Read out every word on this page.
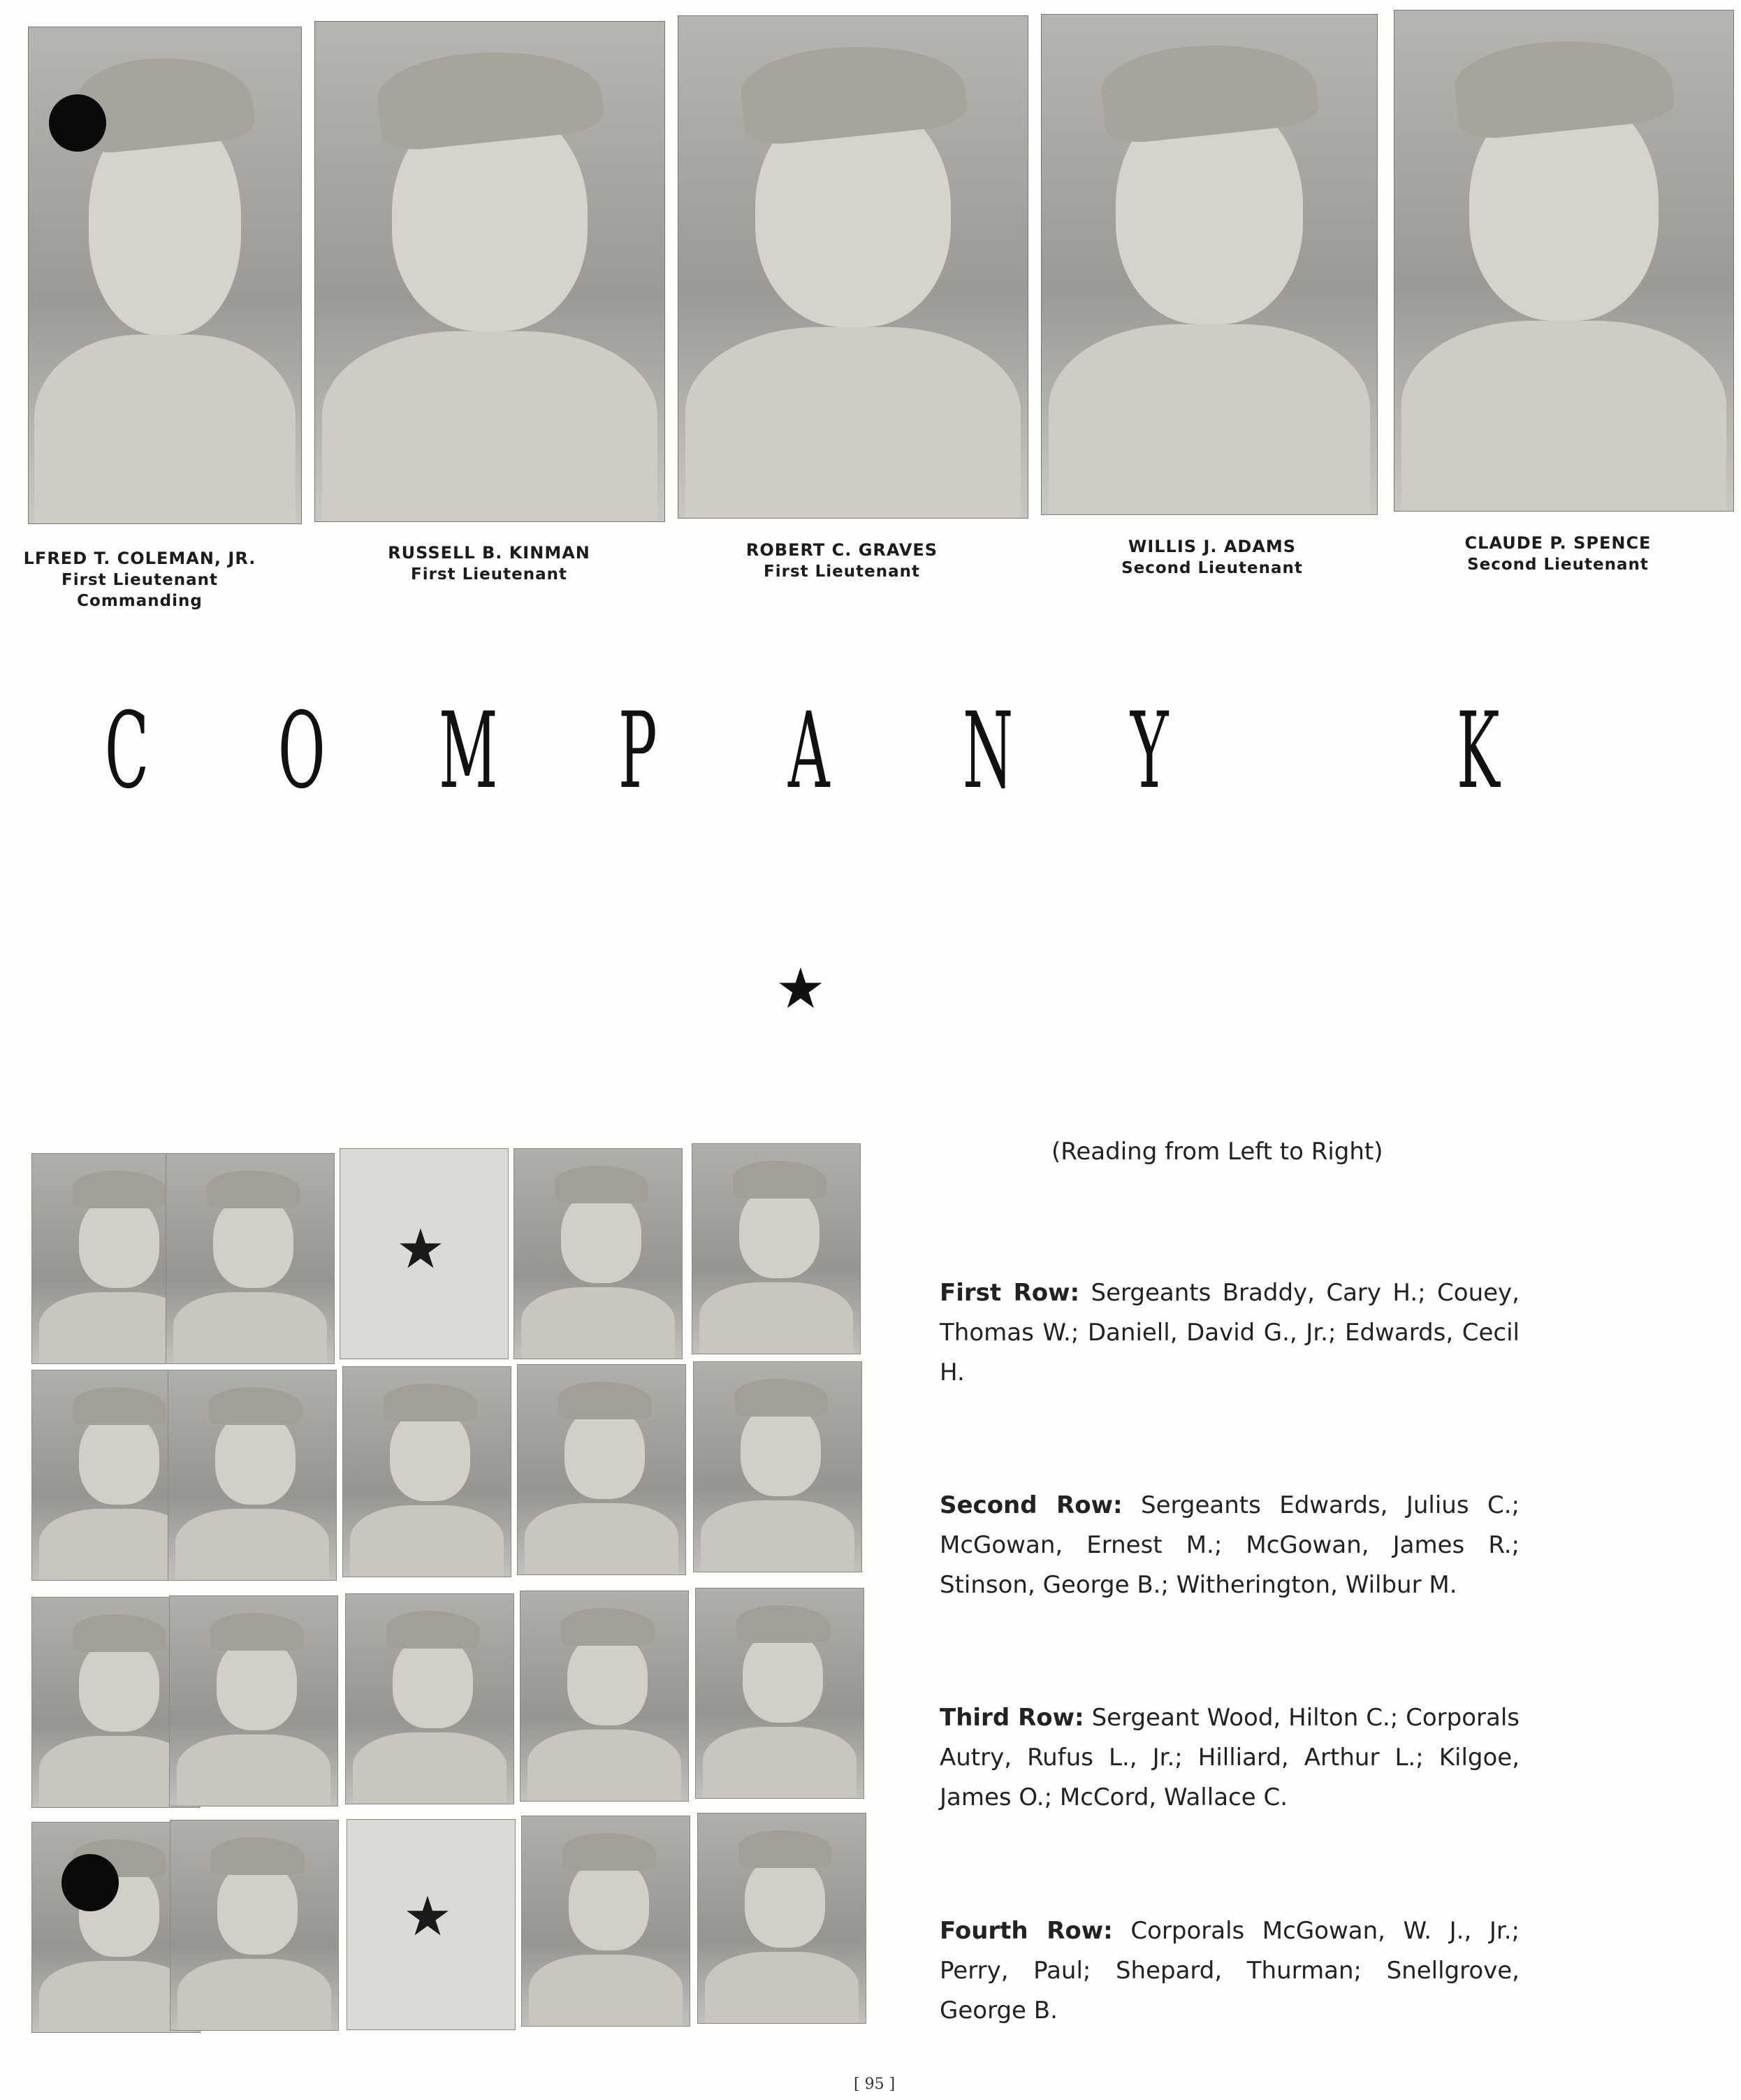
LFRED T. COLEMAN, JR.
First Lieutenant
Commanding
RUSSELL B. KINMAN
First Lieutenant
ROBERT C. GRAVES
First Lieutenant
WILLIS J. ADAMS
Second Lieutenant
CLAUDE P. SPENCE
Second Lieutenant
C O M P A N Y	K
★
★
★
(Reading from Left to Right)
First Row: Sergeants Braddy, Cary H.; Couey, Thomas W.; Daniell, David G., Jr.; Edwards, Cecil H.
Second Row: Sergeants Edwards, Julius C.; McGowan, Ernest M.; McGowan, James R.; Stinson, George B.; Witherington, Wilbur M.
Third Row: Sergeant Wood, Hilton C.; Corporals Autry, Rufus L., Jr.; Hilliard, Arthur L.; Kilgoe, James O.; McCord, Wallace C.
Fourth Row: Corporals McGowan, W. J., Jr.; Perry, Paul; Shepard, Thurman; Snellgrove, George B.
[ 95 ]
